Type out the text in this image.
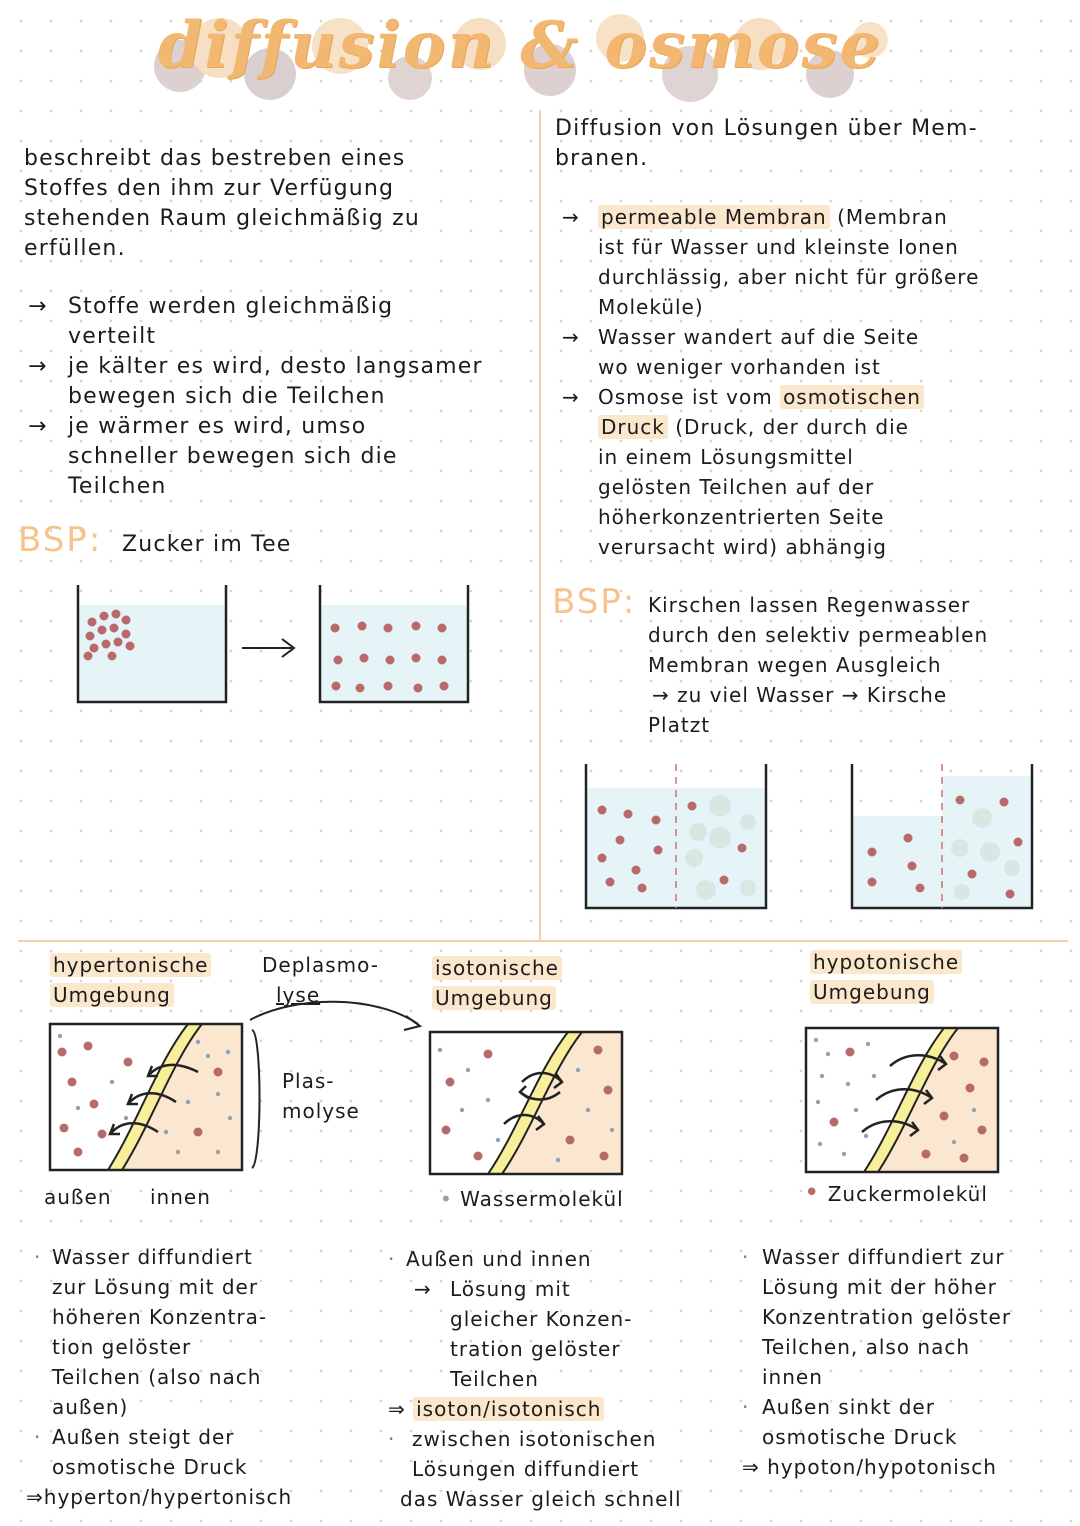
diffusion & osmose
beschreibt das bestreben eines
Stoffes den ihm zur Verfügung
stehenden Raum gleichmäßig zu
erfüllen.
→ Stoffe werden gleichmäßig
verteilt
→ je kälter es wird, desto langsamer
bewegen sich die Teilchen
→ je wärmer es wird, umso
schneller bewegen sich die
Teilchen
BSP: Zucker im Tee
Diffusion von Lösungen über Mem-
branen.
→	permeable Membran (Membran
ist für Wasser und kleinste Ionen
durchlässig, aber nicht für größere
Moleküle)
→ Wasser wandert auf die Seite
wo weniger vorhanden ist
→ Osmose ist vom osmotischen
Druck (Druck, der durch die
in einem Lösungsmittel
gelösten Teilchen auf der
höherkonzentrierten Seite
verursacht wird) abhängig
BSP: Kirschen lassen Regenwasser
durch den selektiv permeablen
Membran wegen Ausgleich
→ zu viel Wasser → Kirsche
Platzt
hypertonische
Umgebung
Deplasmo-
lyse
isotonische
Umgebung
hypotonische
Umgebung
Plas-
molyse
außen innen	• Wassermolekül	• Zuckermolekül
· Wasser diffundiert
zur Lösung mit der
höheren Konzentra-
tion gelöster
Teilchen (also nach
außen)
· Außen steigt der
osmotische Druck
⇒hyperton/hypertonisch
· Außen und innen
→ Lösung mit
gleicher Konzen-
tration gelöster
Teilchen
⇒ isoton/isotonisch
· zwischen isotonischen
Lösungen diffundiert
das Wasser gleich schnell
· Wasser diffundiert zur
Lösung mit der höher
Konzentration gelöster
Teilchen, also nach
innen
· Außen sinkt der
osmotische Druck
⇒ hypoton/hypotonisch
